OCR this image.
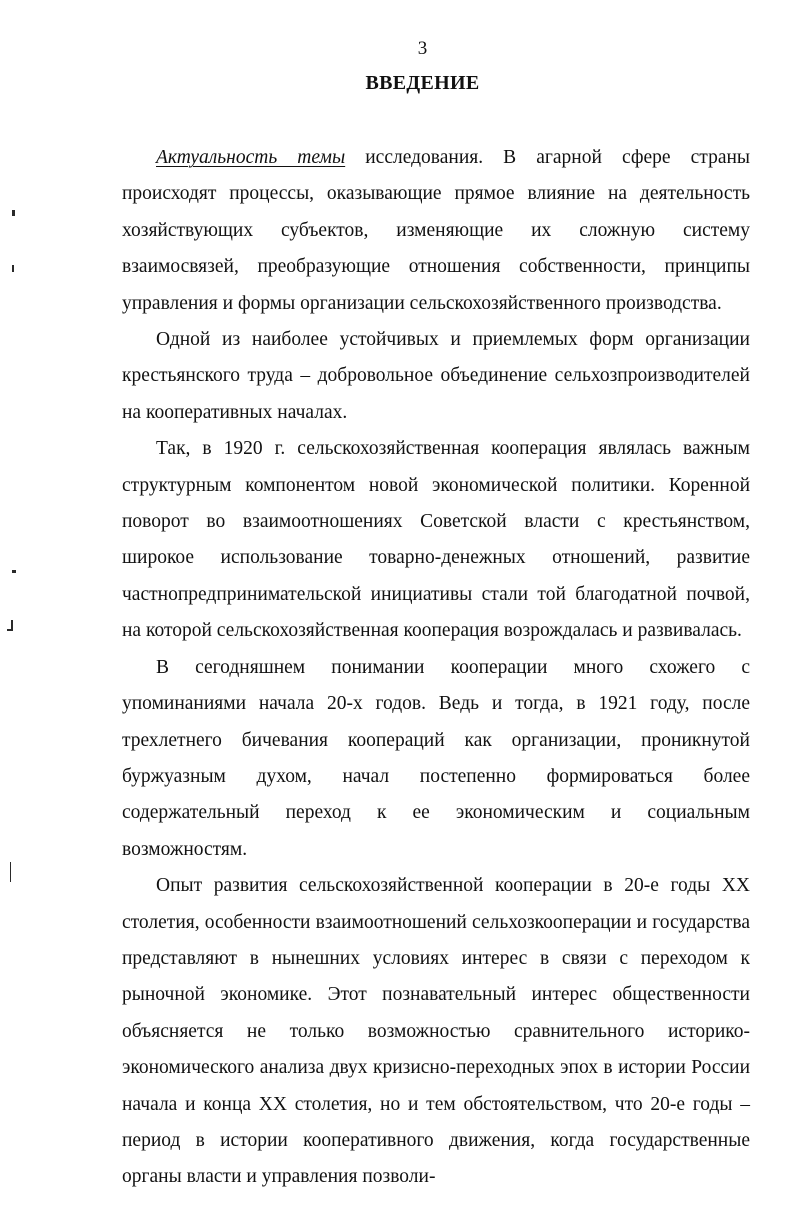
3
ВВЕДЕНИЕ

Актуальность темы исследования. В агарной сфере страны происходят процессы, оказывающие прямое влияние на деятельность хозяйствующих субъектов, изменяющие их сложную систему взаимосвязей, преобразующие отношения собственности, принципы управления и формы организации сельскохозяйственного производства.

Одной из наиболее устойчивых и приемлемых форм организации крестьянского труда – добровольное объединение сельхозпроизводителей на кооперативных началах.

Так, в 1920 г. сельскохозяйственная кооперация являлась важным структурным компонентом новой экономической политики. Коренной поворот во взаимоотношениях Советской власти с крестьянством, широкое использование товарно-денежных отношений, развитие частнопредпринимательской инициативы стали той благодатной почвой, на которой сельскохозяйственная кооперация возрождалась и развивалась.

В сегодняшнем понимании кооперации много схожего с упоминаниями начала 20-х годов. Ведь и тогда, в 1921 году, после трехлетнего бичевания коопераций как организации, проникнутой буржуазным духом, начал постепенно формироваться более содержательный переход к ее экономическим и социальным возможностям.

Опыт развития сельскохозяйственной кооперации в 20-е годы XX столетия, особенности взаимоотношений сельхозкооперации и государства представляют в нынешних условиях интерес в связи с переходом к рыночной экономике. Этот познавательный интерес общественности объясняется не только возможностью сравнительного историко-экономического анализа двух кризисно-переходных эпох в истории России начала и конца XX столетия, но и тем обстоятельством, что 20-е годы – период в истории кооперативного движения, когда государственные органы власти и управления позволи-
